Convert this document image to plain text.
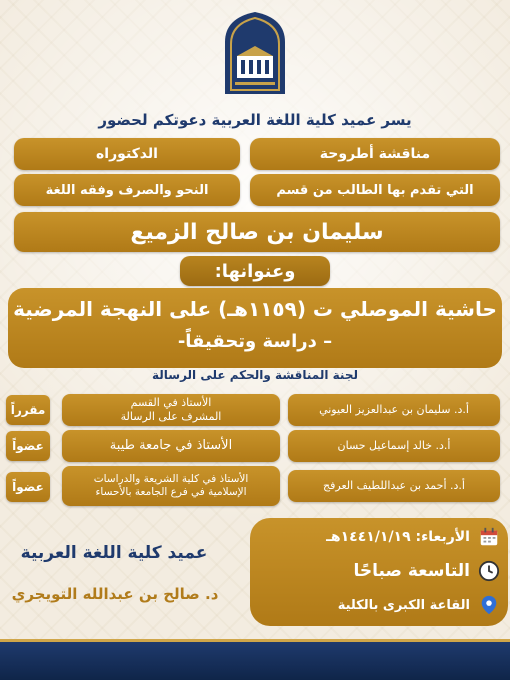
يسر عميد كلية اللغة العربية دعوتكم لحضور
مناقشة أطروحة
الدكتوراه
التي تقدم بها الطالب من قسم
النحو والصرف وفقه اللغة
سليمان بن صالح الزميع
وعنوانها:
حاشية الموصلي ت (١١٥٩هـ) على النهجة المرضية
– دراسة وتحقيقاً-
لجنة المناقشة والحكم على الرسالة
أ.د. سليمان بن عبدالعزيز العيوني
الأستاذ في القسم
المشرف على الرسالة
مقرراً
أ.د. خالد إسماعيل حسان
الأستاذ في جامعة طيبة
عضواً
أ.د. أحمد بن عبداللطيف العرفج
الأستاذ في كلية الشريعة والدراسات
الإسلامية في فرع الجامعة بالأحساء
عضواً
الأربعاء: ١٤٤١/١/١٩هـ
التاسعة صباحًا
القاعة الكبرى بالكلية
عميد كلية اللغة العربية
د. صالح بن عبدالله التويجري
